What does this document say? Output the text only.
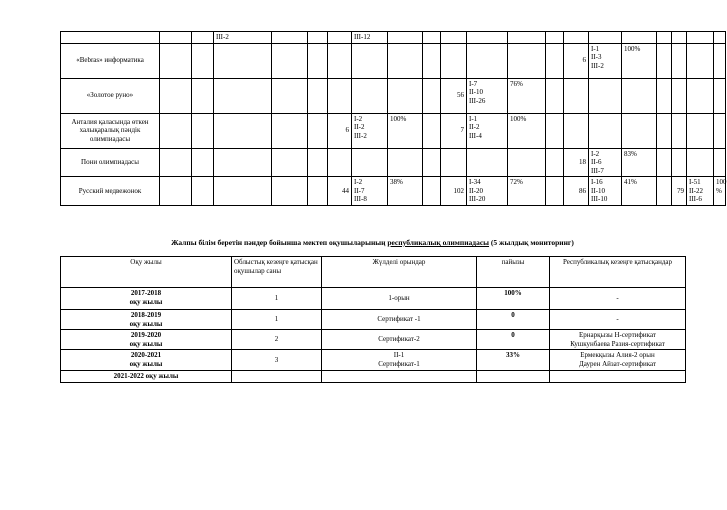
			III-2				III-12													
«Bebras» информатика														6	I-1
II-3
III-2	100%				
«Золотое руно»										56	I-7
II-10
III-26	76%								
Анталия қаласында өткен халықаралық пәндік олимпиадасы						6	I-2
II-2
III-2	100%		7	I-1
II-2
III-4	100%								
Пони олимпиадасы														18	I-2
II-6
III-7	83%				
Русский медвежонок						44	I-2
II-7
III-8	38%		102	I-34
II-20
III-20	72%		86	I-16
II-10
III-10	41%		79	I-51
II-22
III-6	100
%
Жалпы білім беретін пәндер бойынша мектеп оқушыларының республикалық олимпиадасы (5 жылдық мониторинг)
Оқу жылы	Облыстық кезеңге қатысқан оқушылар саны	Жүлделі орындар	пайызы	Республикалық кезеңге қатысқандар
2017-2018
оқу жылы	1	1-орын	100%	-
2018-2019
оқу жылы	1	Сертификат -1	0	-
2019-2020
оқу жылы	2	Сертификат-2	0	Ернарқызы Н-сертификат
Кушкунбаева Разия-сертификат
2020-2021
оқу жылы	3	II-1
Сертификат-1	33%	Ермекқызы Алия-2 орын
Даурен Айзат-сертификат
2021-2022 оқу жылы				
